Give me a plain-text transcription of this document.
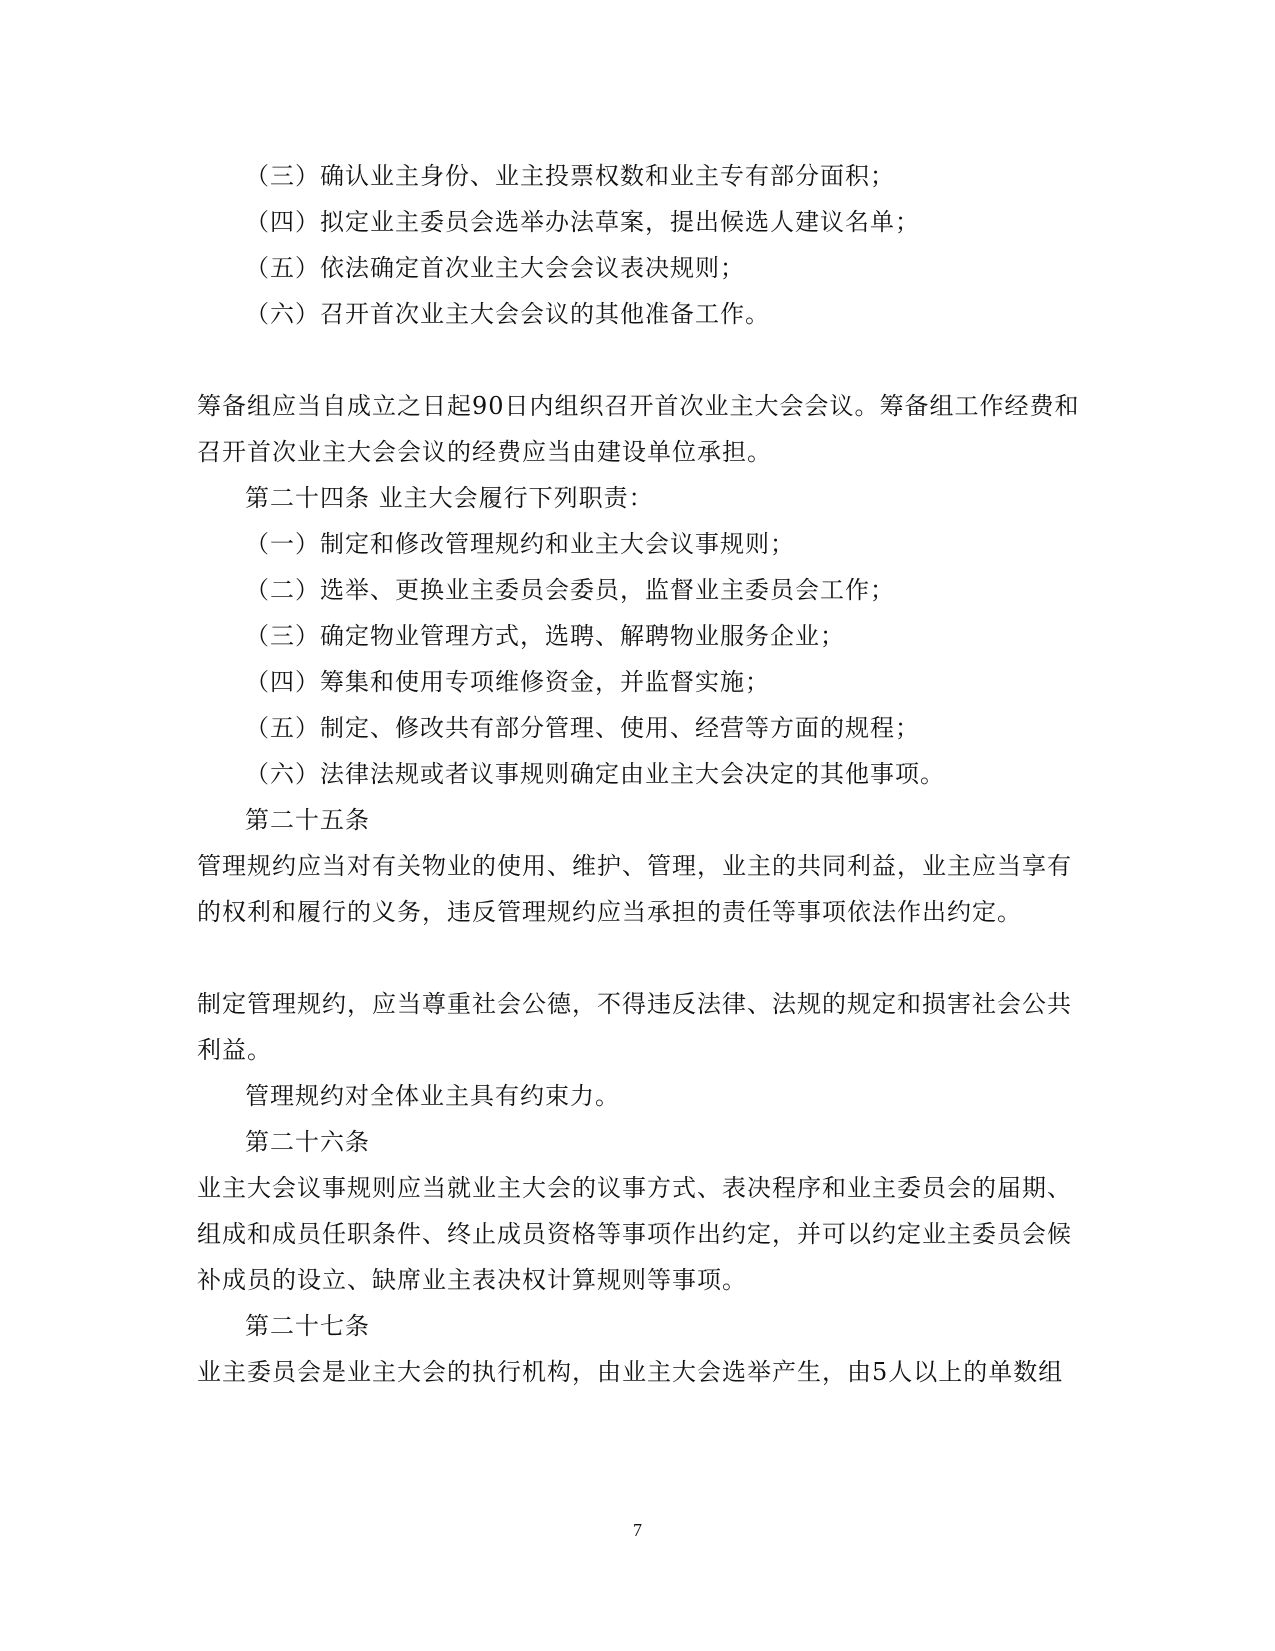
（三）确认业主身份、业主投票权数和业主专有部分面积；
（四）拟定业主委员会选举办法草案，提出候选人建议名单；
（五）依法确定首次业主大会会议表决规则；
（六）召开首次业主大会会议的其他准备工作。
筹备组应当自成立之日起90日内组织召开首次业主大会会议。筹备组工作经费和
召开首次业主大会会议的经费应当由建设单位承担。
第二十四条 业主大会履行下列职责：
（一）制定和修改管理规约和业主大会议事规则；
（二）选举、更换业主委员会委员，监督业主委员会工作；
（三）确定物业管理方式，选聘、解聘物业服务企业；
（四）筹集和使用专项维修资金，并监督实施；
（五）制定、修改共有部分管理、使用、经营等方面的规程；
（六）法律法规或者议事规则确定由业主大会决定的其他事项。
第二十五条
管理规约应当对有关物业的使用、维护、管理，业主的共同利益，业主应当享有
的权利和履行的义务，违反管理规约应当承担的责任等事项依法作出约定。
制定管理规约，应当尊重社会公德，不得违反法律、法规的规定和损害社会公共
利益。
管理规约对全体业主具有约束力。
第二十六条
业主大会议事规则应当就业主大会的议事方式、表决程序和业主委员会的届期、
组成和成员任职条件、终止成员资格等事项作出约定，并可以约定业主委员会候
补成员的设立、缺席业主表决权计算规则等事项。
第二十七条
业主委员会是业主大会的执行机构，由业主大会选举产生，由5人以上的单数组
7
